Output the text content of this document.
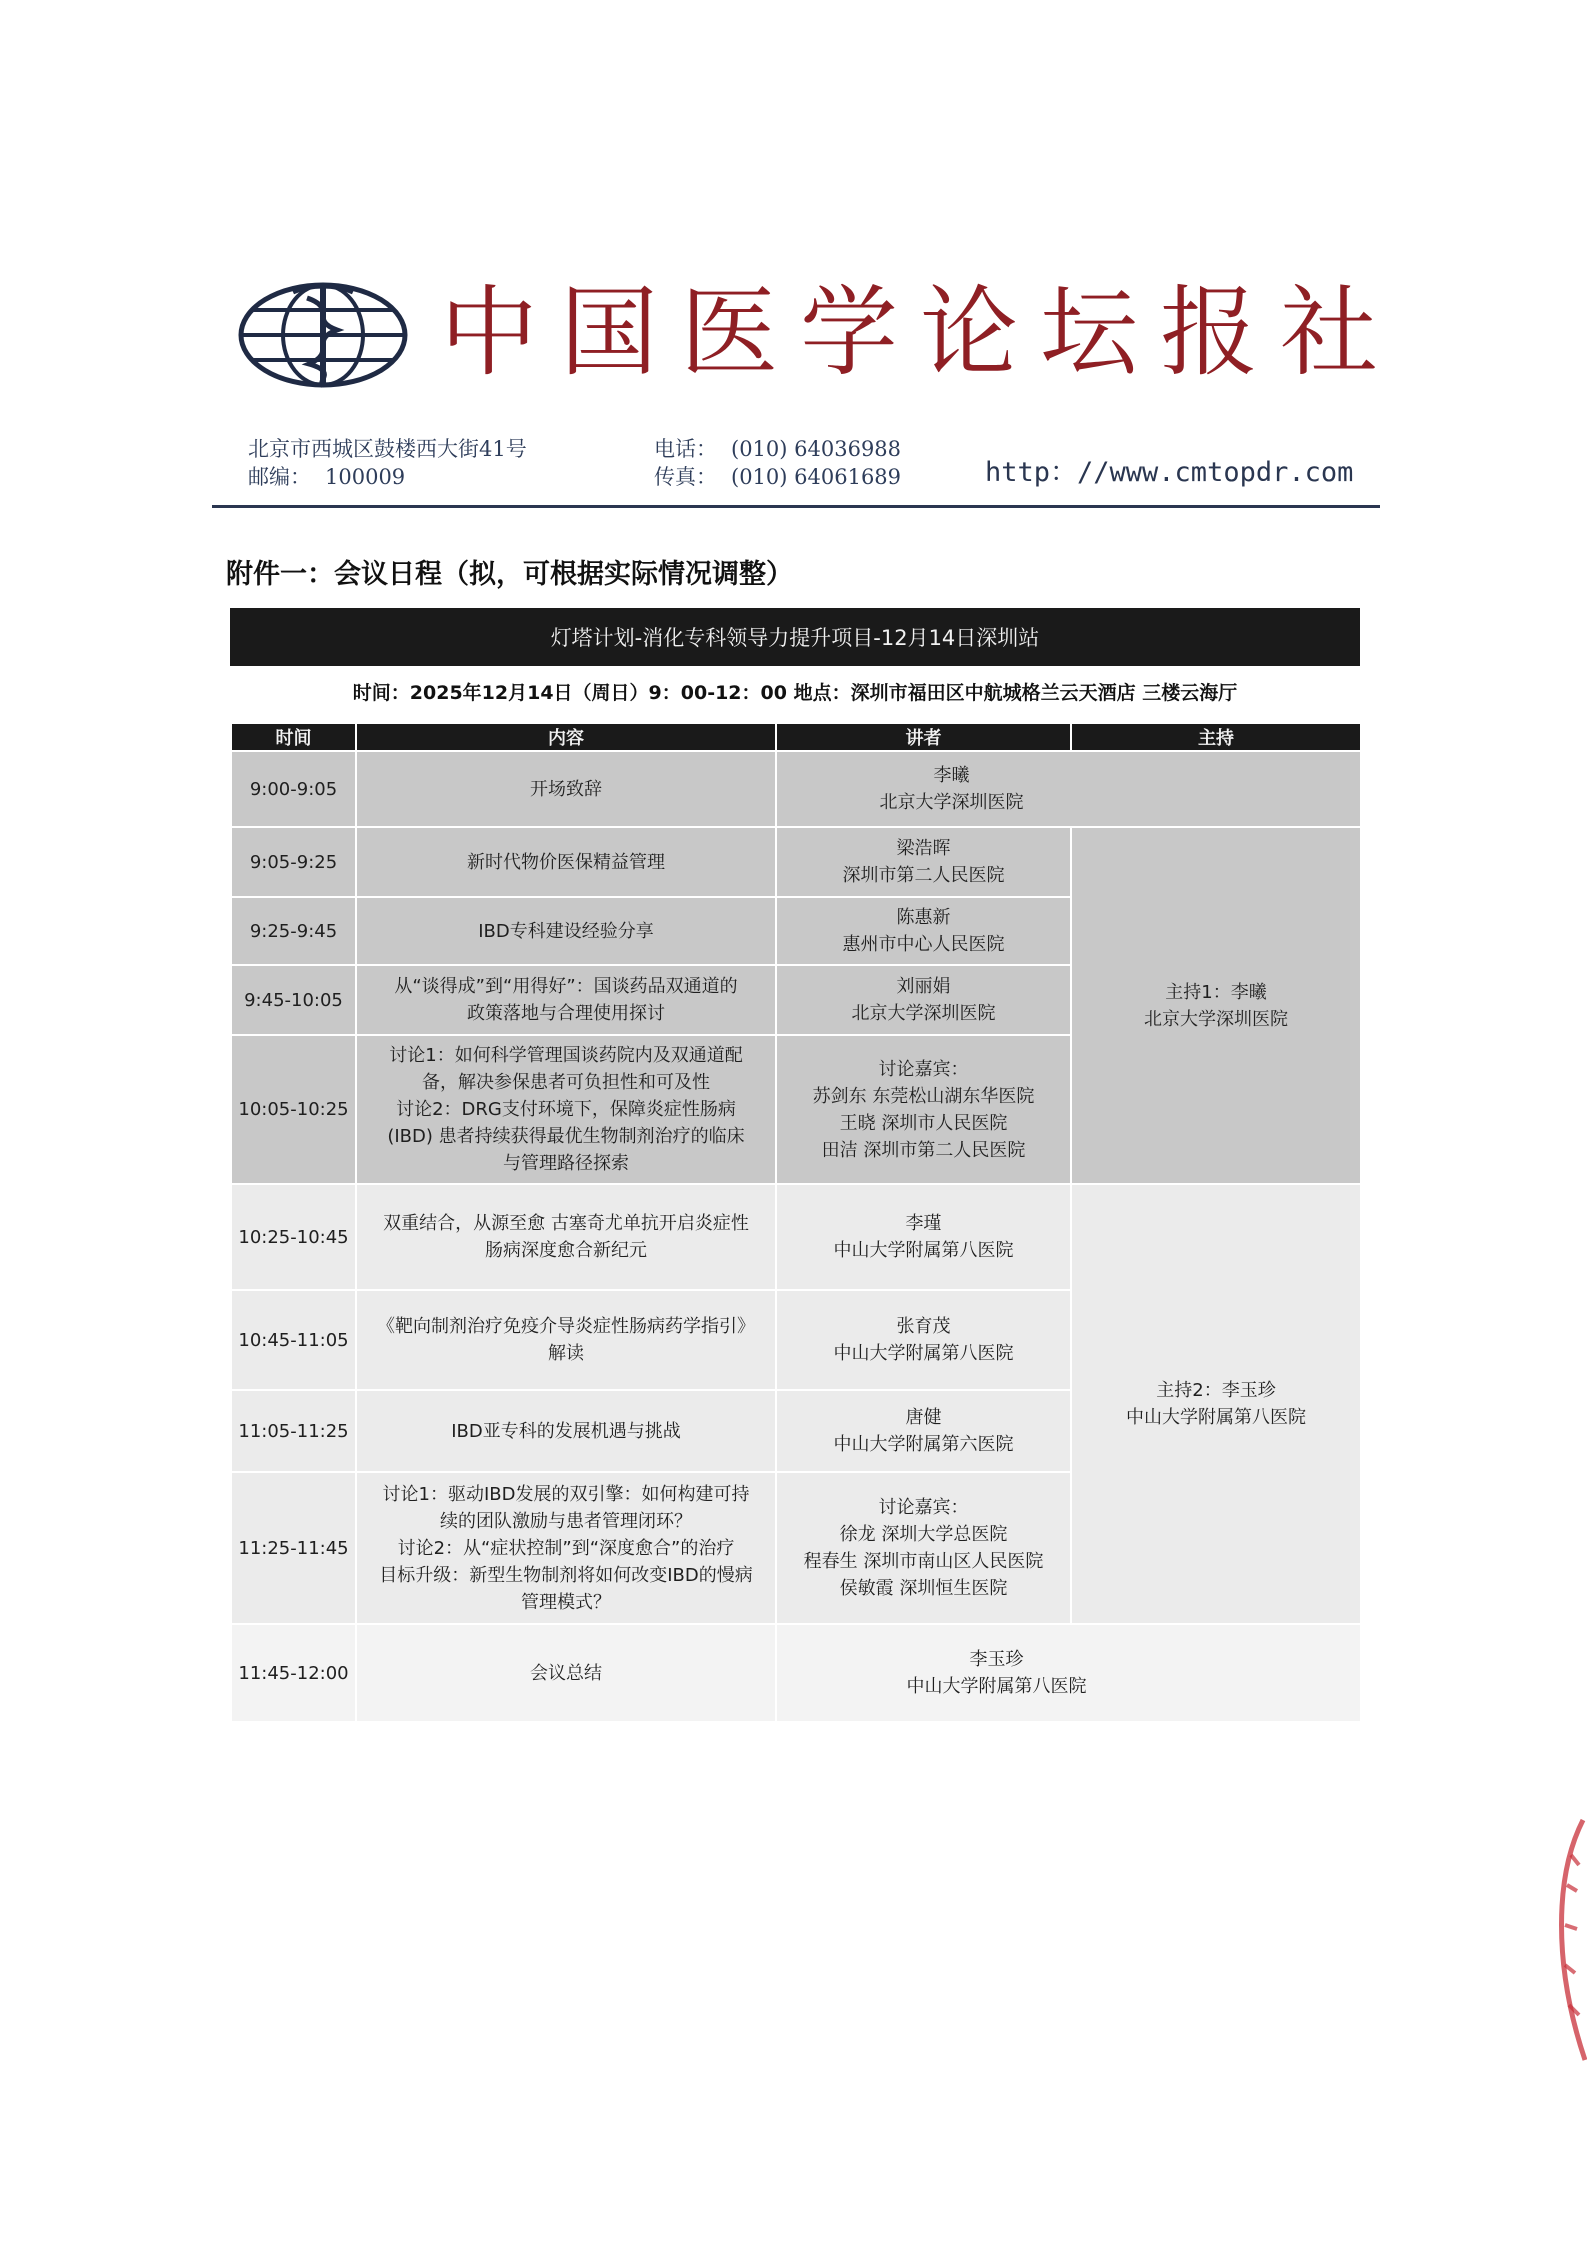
中国医学论坛报社
北京市西城区鼓楼西大街41号
邮编： 100009
电话： (010) 64036988
传真： (010) 64061689	http：//www.cmtopdr.com
附件一：会议日程（拟，可根据实际情况调整）
灯塔计划-消化专科领导力提升项目-12月14日深圳站
时间：2025年12月14日（周日）9：00-12：00 地点：深圳市福田区中航城格兰云天酒店 三楼云海厅
时间	内容	讲者	主持
9:00-9:05	开场致辞	李曦
北京大学深圳医院	

9:05-9:25	新时代物价医保精益管理	梁浩晖
深圳市第二人民医院	主持1：李曦
北京大学深圳医院

9:25-9:45	IBD专科建设经验分享	陈惠新
惠州市中心人民医院	

9:45-10:05	从“谈得成”到“用得好”：国谈药品双通道的
政策落地与合理使用探讨	刘丽娟
北京大学深圳医院	

10:05-10:25	讨论1：如何科学管理国谈药院内及双通道配
备，解决参保患者可负担性和可及性
讨论2：DRG支付环境下，保障炎症性肠病
(IBD) 患者持续获得最优生物制剂治疗的临床
与管理路径探索	讨论嘉宾：
苏剑东 东莞松山湖东华医院
王晓 深圳市人民医院
田洁 深圳市第二人民医院	

10:25-10:45	双重结合，从源至愈 古塞奇尤单抗开启炎症性
肠病深度愈合新纪元	李瑾
中山大学附属第八医院	主持2：李玉珍
中山大学附属第八医院

10:45-11:05	《靶向制剂治疗免疫介导炎症性肠病药学指引》
解读	张育茂
中山大学附属第八医院	

11:05-11:25	IBD亚专科的发展机遇与挑战	唐健
中山大学附属第六医院	

11:25-11:45	讨论1：驱动IBD发展的双引擎：如何构建可持
续的团队激励与患者管理闭环？
讨论2：从“症状控制”到“深度愈合”的治疗
目标升级：新型生物制剂将如何改变IBD的慢病
管理模式？	讨论嘉宾：
徐龙 深圳大学总医院
程春生 深圳市南山区人民医院
侯敏霞 深圳恒生医院	

11:45-12:00	会议总结	李玉珍
中山大学附属第八医院	
